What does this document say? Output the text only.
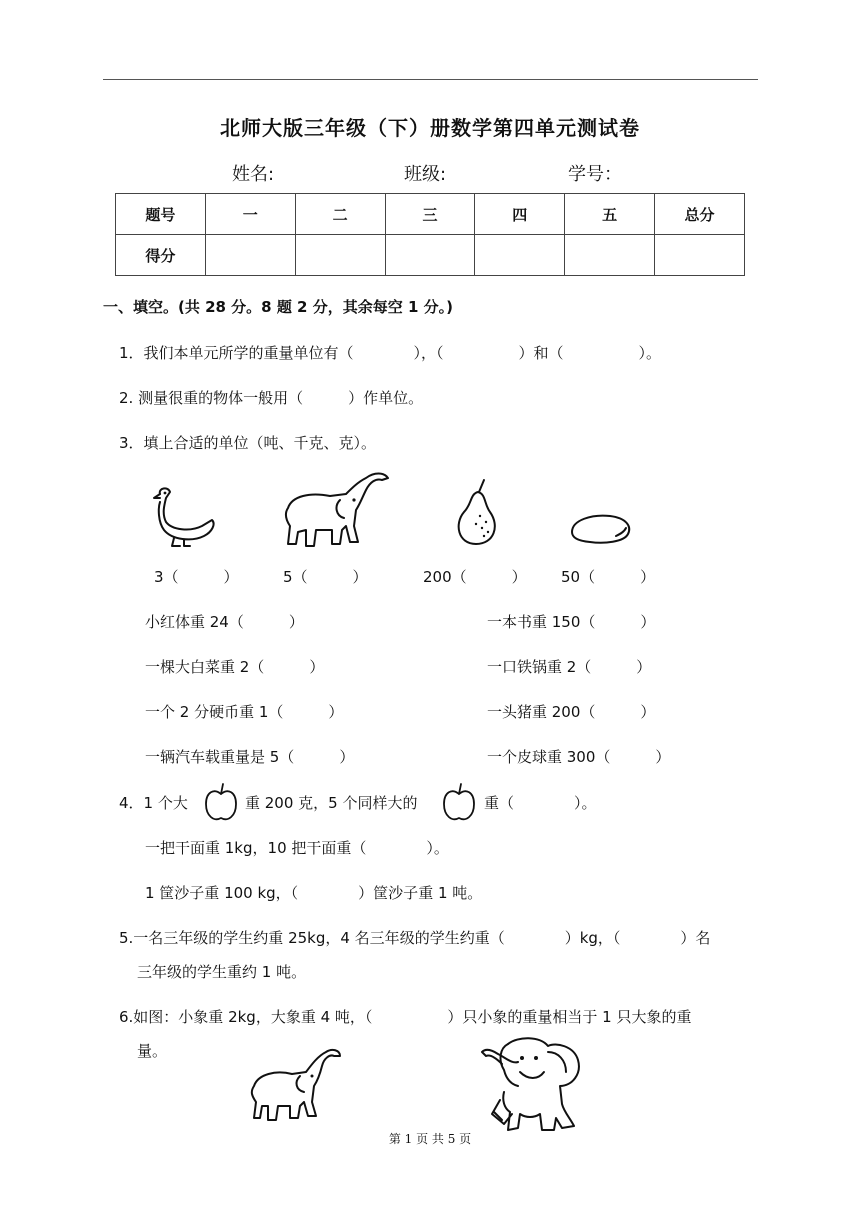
北师大版三年级（下）册数学第四单元测试卷
姓名:	班级:	学号：
题号	一	二	三	四	五	总分
得分						
一、填空。(共 28 分。8 题 2 分，其余每空 1 分。)
1．我们本单元所学的重量单位有（　　　　），（　　　　　）和（　　　　　）。
2. 测量很重的物体一般用（　　　）作单位。
3．填上合适的单位（吨、千克、克）。
3（　　　）	5（　　　）	200（　　　） 50（　　　）
小红体重 24（　　　）
一棵大白菜重 2（　　　）
一个 2 分硬币重 1（　　　）
一辆汽车载重量是 5（　　　）
一本书重 150（　　　）
一口铁锅重 2（　　　）
一头猪重 200（　　　）
一个皮球重 300（　　　）
4．1 个大	重 200 克，5 个同样大的	重（　　　　）。
一把干面重 1kg，10 把干面重（　　　　）。
1 筐沙子重 100 kg，（　　　　）筐沙子重 1 吨。
5.一名三年级的学生约重 25kg，4 名三年级的学生约重（　　　　）kg，（　　　　）名
三年级的学生重约 1 吨。
6.如图：小象重 2kg，大象重 4 吨，（　　　　　）只小象的重量相当于 1 只大象的重
量。
第 1 页 共 5 页
